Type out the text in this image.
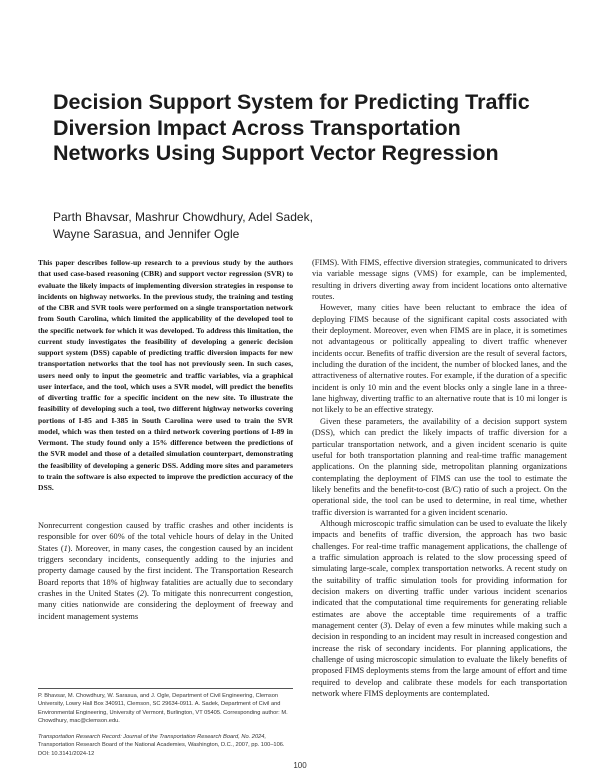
Decision Support System for Predicting Traffic Diversion Impact Across Transportation Networks Using Support Vector Regression
Parth Bhavsar, Mashrur Chowdhury, Adel Sadek,
Wayne Sarasua, and Jennifer Ogle

This paper describes follow-up research to a previous study by the authors that used case-based reasoning (CBR) and support vector regression (SVR) to evaluate the likely impacts of implementing diversion strategies in response to incidents on highway networks. In the previous study, the training and testing of the CBR and SVR tools were performed on a single transportation network from South Carolina, which limited the applicability of the developed tool to the specific network for which it was developed. To address this limitation, the current study investigates the feasibility of developing a generic decision support system (DSS) capable of predicting traffic diversion impacts for new transportation networks that the tool has not previously seen. In such cases, users need only to input the geometric and traffic variables, via a graphical user interface, and the tool, which uses a SVR model, will predict the benefits of diverting traffic for a specific incident on the new site. To illustrate the feasibility of developing such a tool, two different highway networks covering portions of I-85 and I-385 in South Carolina were used to train the SVR model, which was then tested on a third network covering portions of I-89 in Vermont. The study found only a 15% difference between the predictions of the SVR model and those of a detailed simulation counterpart, demonstrating the feasibility of developing a generic DSS. Adding more sites and parameters to train the software is also expected to improve the prediction accuracy of the DSS.

Nonrecurrent congestion caused by traffic crashes and other incidents is responsible for over 60% of the total vehicle hours of delay in the United States (1). Moreover, in many cases, the congestion caused by an incident triggers secondary incidents, consequently adding to the injuries and property damage caused by the first incident. The Transportation Research Board reports that 18% of highway fatalities are actually due to secondary crashes in the United States (2). To mitigate this nonrecurrent congestion, many cities nationwide are considering the deployment of freeway and incident management systems

P. Bhavsar, M. Chowdhury, W. Sarasua, and J. Ogle, Department of Civil Engineering, Clemson University, Lowry Hall Box 340911, Clemson, SC 29634-0911. A. Sadek, Department of Civil and Environmental Engineering, University of Vermont, Burlington, VT 05405. Corresponding author: M. Chowdhury, mac@clemson.edu.

Transportation Research Record: Journal of the Transportation Research Board, No. 2024, Transportation Research Board of the National Academies, Washington, D.C., 2007, pp. 100–106.
DOI: 10.3141/2024-12

(FIMS). With FIMS, effective diversion strategies, communicated to drivers via variable message signs (VMS) for example, can be implemented, resulting in drivers diverting away from incident locations onto alternative routes.

However, many cities have been reluctant to embrace the idea of deploying FIMS because of the significant capital costs associated with their deployment. Moreover, even when FIMS are in place, it is sometimes not advantageous or politically appealing to divert traffic whenever incidents occur. Benefits of traffic diversion are the result of several factors, including the duration of the incident, the number of blocked lanes, and the attractiveness of alternative routes. For example, if the duration of a specific incident is only 10 min and the event blocks only a single lane in a three-lane highway, diverting traffic to an alternative route that is 10 mi longer is not likely to be an effective strategy.

Given these parameters, the availability of a decision support system (DSS), which can predict the likely impacts of traffic diversion for a particular transportation network, and a given incident scenario is quite useful for both transportation planning and real-time traffic management applications. On the planning side, metropolitan planning organizations contemplating the deployment of FIMS can use the tool to estimate the likely benefits and the benefit-to-cost (B/C) ratio of such a project. On the operational side, the tool can be used to determine, in real time, whether traffic diversion is warranted for a given incident scenario.

Although microscopic traffic simulation can be used to evaluate the likely impacts and benefits of traffic diversion, the approach has two basic challenges. For real-time traffic management applications, the challenge of a traffic simulation approach is related to the slow processing speed of simulating large-scale, complex transportation networks. A recent study on the suitability of traffic simulation tools for providing information for decision makers on diverting traffic under various incident scenarios indicated that the computational time requirements for generating reliable estimates are above the acceptable time requirements of a traffic management center (3). Delay of even a few minutes while making such a decision in responding to an incident may result in increased congestion and increase the risk of secondary incidents. For planning applications, the challenge of using microscopic simulation to evaluate the likely benefits of proposed FIMS deployments stems from the large amount of effort and time required to develop and calibrate these models for each transportation network where FIMS deployments are contemplated.

100
